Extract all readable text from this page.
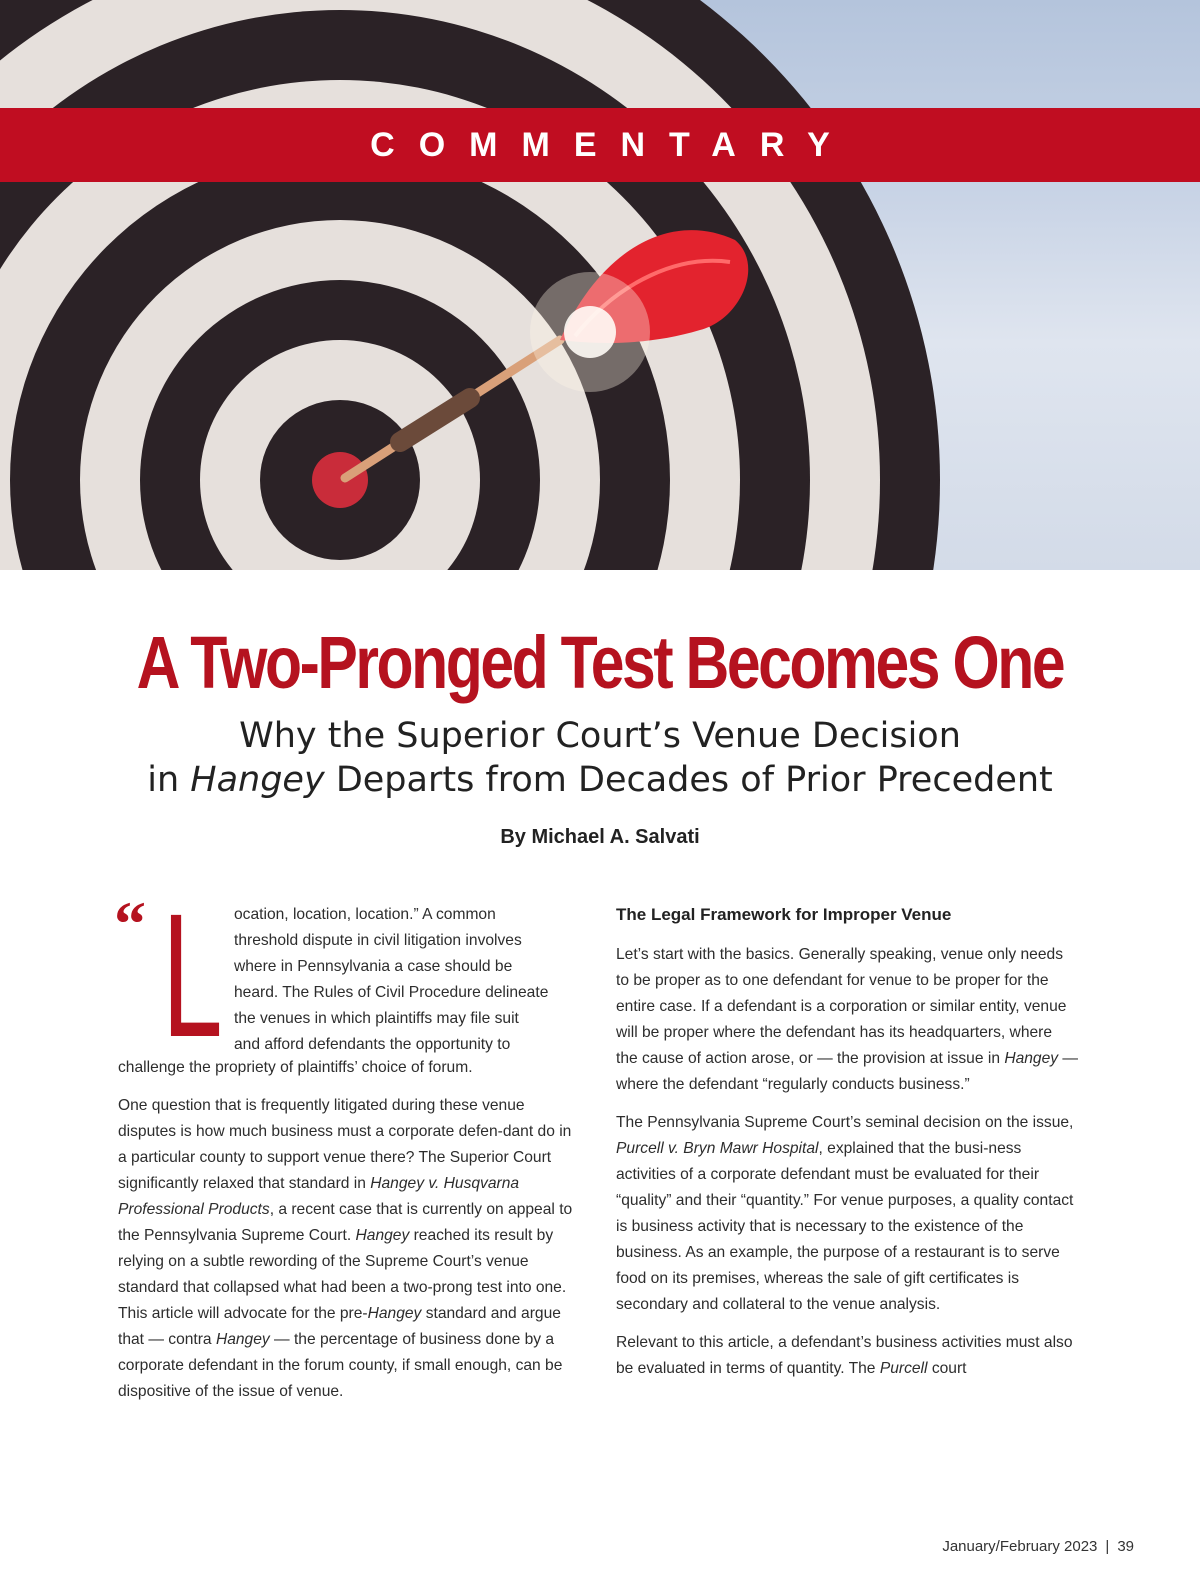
COMMENTARY
A Two-Pronged Test Becomes One
Why the Superior Court’s Venue Decision
in Hangey Departs from Decades of Prior Precedent
By Michael A. Salvati
“ L ocation, location, location.” A common
threshold dispute in civil litigation involves
where in Pennsylvania a case should be
heard. The Rules of Civil Procedure delineate
the venues in which plaintiffs may file suit
and afford defendants the opportunity to
challenge the propriety of plaintiffs’ choice of forum.

One question that is frequently litigated during these venue disputes is how much business must a corporate defen-dant do in a particular county to support venue there? The Superior Court significantly relaxed that standard in Hangey v. Husqvarna Professional Products, a recent case that is currently on appeal to the Pennsylvania Supreme Court. Hangey reached its result by relying on a subtle rewording of the Supreme Court’s venue standard that collapsed what had been a two-prong test into one. This article will advocate for the pre-Hangey standard and argue that — contra Hangey — the percentage of business done by a corporate defendant in the forum county, if small enough, can be dispositive of the issue of venue.

The Legal Framework for Improper Venue

Let’s start with the basics. Generally speaking, venue only needs to be proper as to one defendant for venue to be proper for the entire case. If a defendant is a corporation or similar entity, venue will be proper where the defendant has its headquarters, where the cause of action arose, or — the provision at issue in Hangey — where the defendant “regularly conducts business.”

The Pennsylvania Supreme Court’s seminal decision on the issue, Purcell v. Bryn Mawr Hospital, explained that the busi-ness activities of a corporate defendant must be evaluated for their “quality” and their “quantity.” For venue purposes, a quality contact is business activity that is necessary to the existence of the business. As an example, the purpose of a restaurant is to serve food on its premises, whereas the sale of gift certificates is secondary and collateral to the venue analysis.

Relevant to this article, a defendant’s business activities must also be evaluated in terms of quantity. The Purcell court

January/February 2023 | 39
